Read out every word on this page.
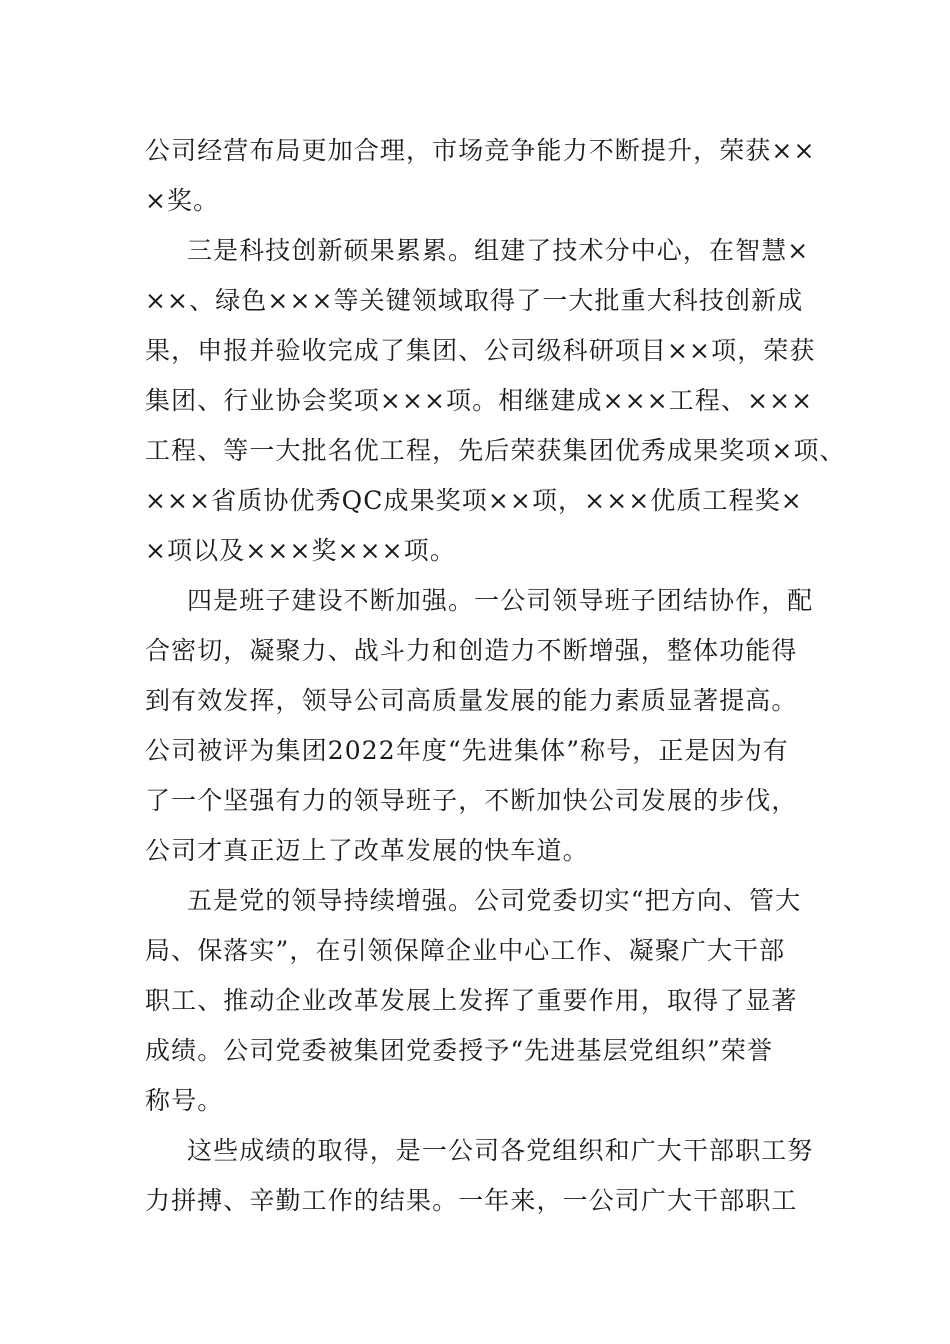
公司经营布局更加合理，市场竞争能力不断提升，荣获××
×奖。
三是科技创新硕果累累。组建了技术分中心，在智慧×
××、绿色×××等关键领域取得了一大批重大科技创新成
果，申报并验收完成了集团、公司级科研项目××项，荣获
集团、行业协会奖项×××项。相继建成×××工程、×××
工程、等一大批名优工程，先后荣获集团优秀成果奖项×项、
×××省质协优秀QC成果奖项××项，×××优质工程奖×
×项以及×××奖×××项。
四是班子建设不断加强。一公司领导班子团结协作，配
合密切，凝聚力、战斗力和创造力不断增强，整体功能得
到有效发挥，领导公司高质量发展的能力素质显著提高。
公司被评为集团2022年度“先进集体”称号，正是因为有
了一个坚强有力的领导班子，不断加快公司发展的步伐，
公司才真正迈上了改革发展的快车道。
五是党的领导持续增强。公司党委切实“把方向、管大
局、保落实”，在引领保障企业中心工作、凝聚广大干部
职工、推动企业改革发展上发挥了重要作用，取得了显著
成绩。公司党委被集团党委授予“先进基层党组织”荣誉
称号。
这些成绩的取得，是一公司各党组织和广大干部职工努
力拼搏、辛勤工作的结果。一年来，一公司广大干部职工
